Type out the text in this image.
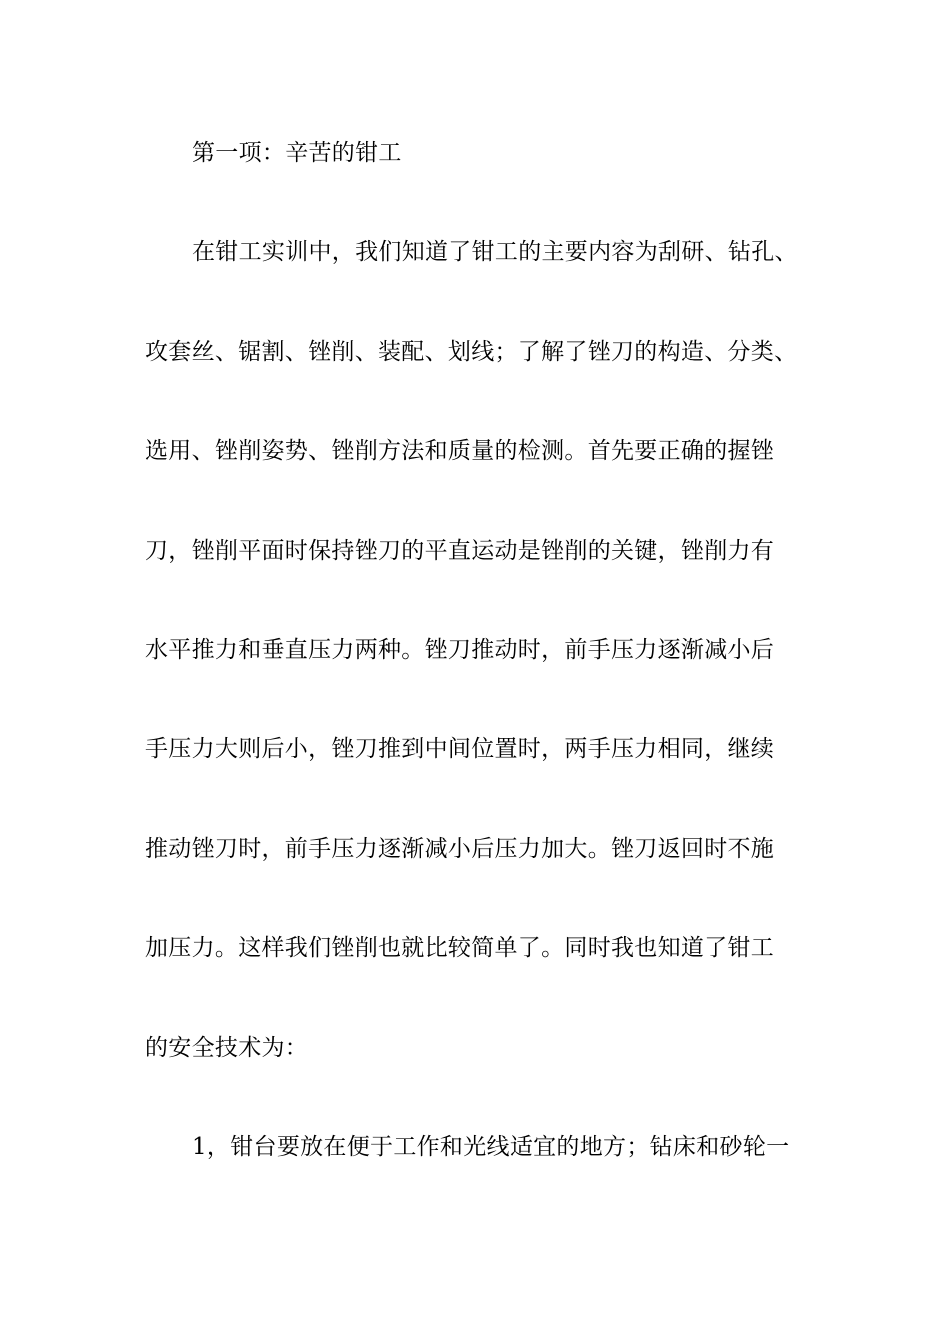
第一项：辛苦的钳工
在钳工实训中，我们知道了钳工的主要内容为刮研、钻孔、
攻套丝、锯割、锉削、装配、划线；了解了锉刀的构造、分类、
选用、锉削姿势、锉削方法和质量的检测。首先要正确的握锉
刀，锉削平面时保持锉刀的平直运动是锉削的关键，锉削力有
水平推力和垂直压力两种。锉刀推动时，前手压力逐渐减小后
手压力大则后小，锉刀推到中间位置时，两手压力相同，继续
推动锉刀时，前手压力逐渐减小后压力加大。锉刀返回时不施
加压力。这样我们锉削也就比较简单了。同时我也知道了钳工
的安全技术为：
1，钳台要放在便于工作和光线适宜的地方；钻床和砂轮一
